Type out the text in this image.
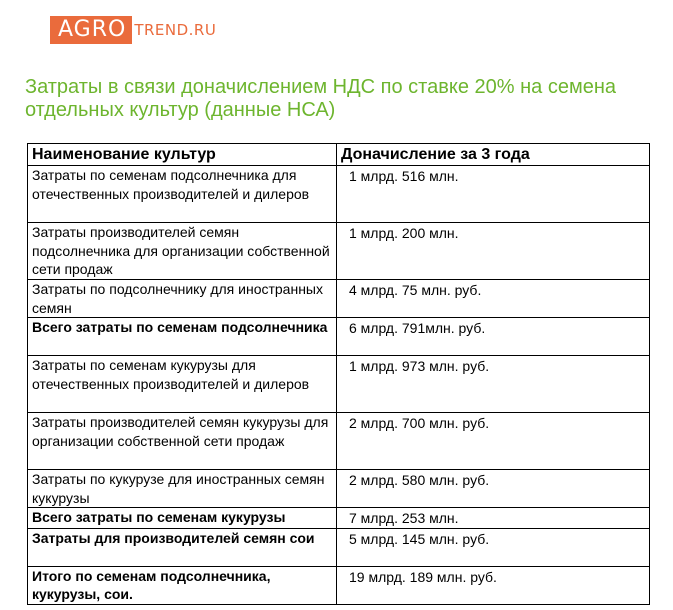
AGRO TREND.RU
Затраты в связи доначислением НДС по ставке 20% на семена отдельных культур (данные НСА)
Наименование культур	Доначисление за 3 года
Затраты по семенам подсолнечника для отечественных производителей и дилеров	1 млрд. 516 млн.
Затраты производителей семян подсолнечника для организации собственной сети продаж	1 млрд. 200 млн.
Затраты по подсолнечнику для иностранных семян	4 млрд. 75 млн. руб.
Всего затраты по семенам подсолнечника	6 млрд. 791млн. руб.
Затраты по семенам кукурузы для отечественных производителей и дилеров	1 млрд. 973 млн. руб.
Затраты производителей семян кукурузы для организации собственной сети продаж	2 млрд. 700 млн. руб.
Затраты по кукурузе для иностранных семян кукурузы	2 млрд. 580 млн. руб.
Всего затраты по семенам кукурузы	7 млрд. 253 млн.
Затраты для производителей семян сои	5 млрд. 145 млн. руб.
Итого по семенам подсолнечника, кукурузы, сои.	19 млрд. 189 млн. руб.
